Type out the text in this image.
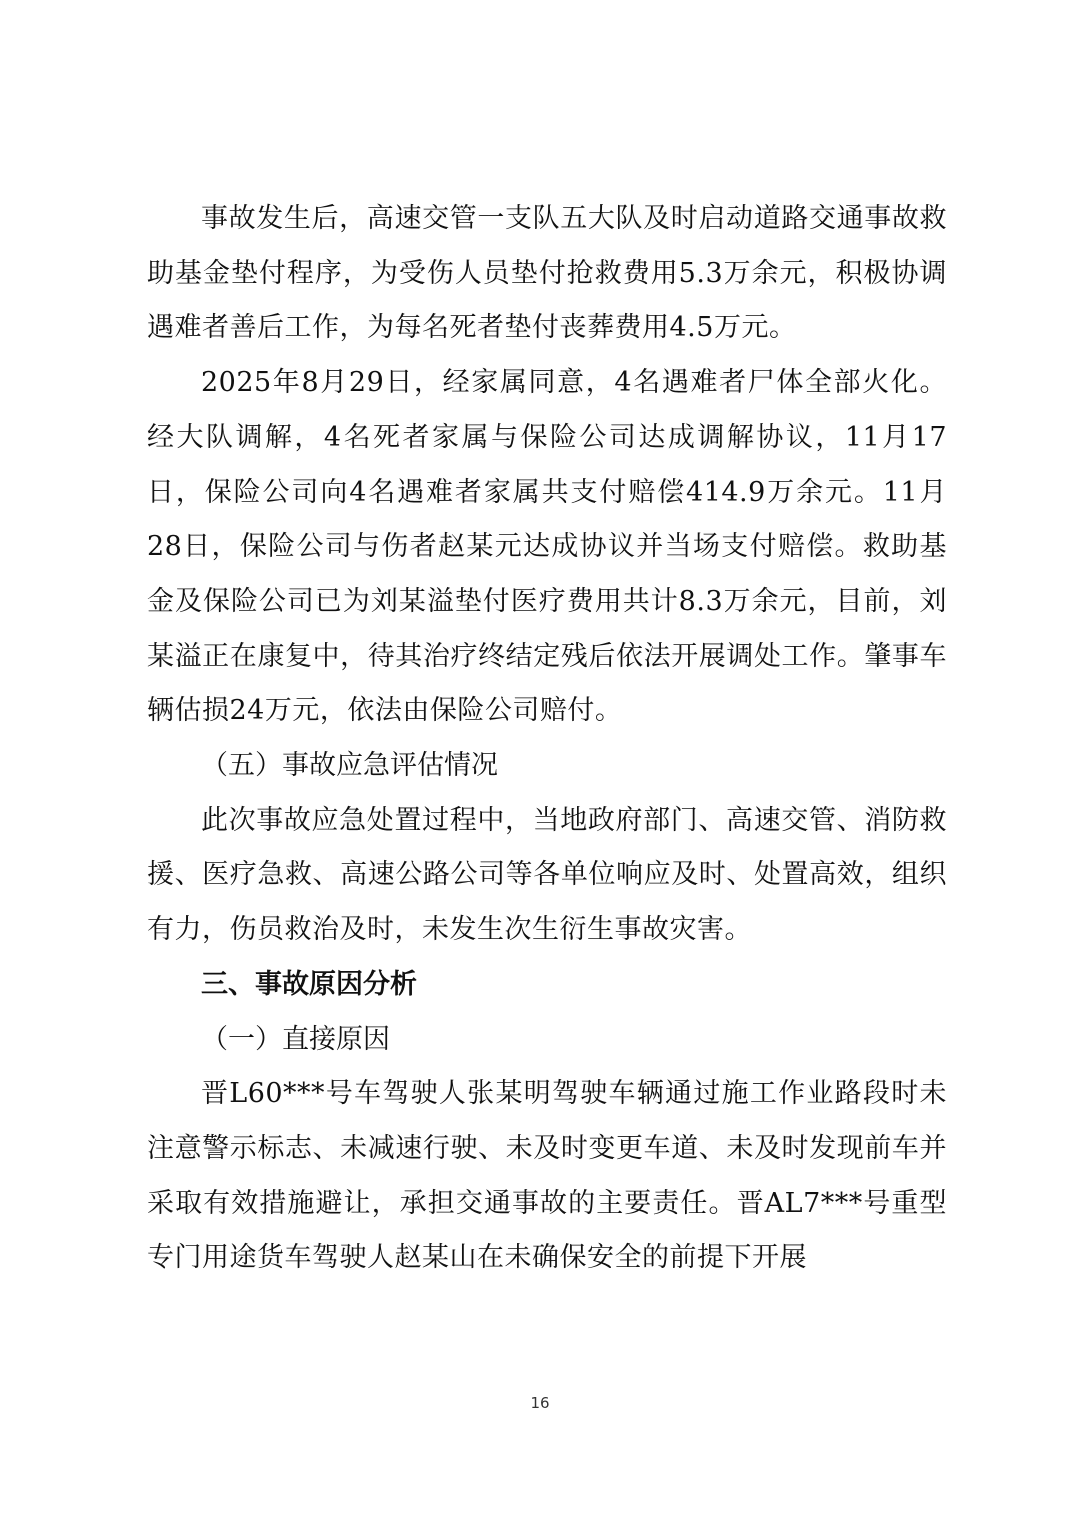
事故发生后，高速交管一支队五大队及时启动道路交通事故救助基金垫付程序，为受伤人员垫付抢救费用5.3万余元，积极协调遇难者善后工作，为每名死者垫付丧葬费用4.5万元。

2025年8月29日，经家属同意，4名遇难者尸体全部火化。经大队调解，4名死者家属与保险公司达成调解协议，11月17日，保险公司向4名遇难者家属共支付赔偿414.9万余元。11月28日，保险公司与伤者赵某元达成协议并当场支付赔偿。救助基金及保险公司已为刘某溢垫付医疗费用共计8.3万余元，目前，刘某溢正在康复中，待其治疗终结定残后依法开展调处工作。肇事车辆估损24万元，依法由保险公司赔付。

（五）事故应急评估情况

此次事故应急处置过程中，当地政府部门、高速交管、消防救援、医疗急救、高速公路公司等各单位响应及时、处置高效，组织有力，伤员救治及时，未发生次生衍生事故灾害。

三、事故原因分析

（一）直接原因

晋L60***号车驾驶人张某明驾驶车辆通过施工作业路段时未注意警示标志、未减速行驶、未及时变更车道、未及时发现前车并采取有效措施避让，承担交通事故的主要责任。晋AL7***号重型专门用途货车驾驶人赵某山在未确保安全的前提下开展

16
